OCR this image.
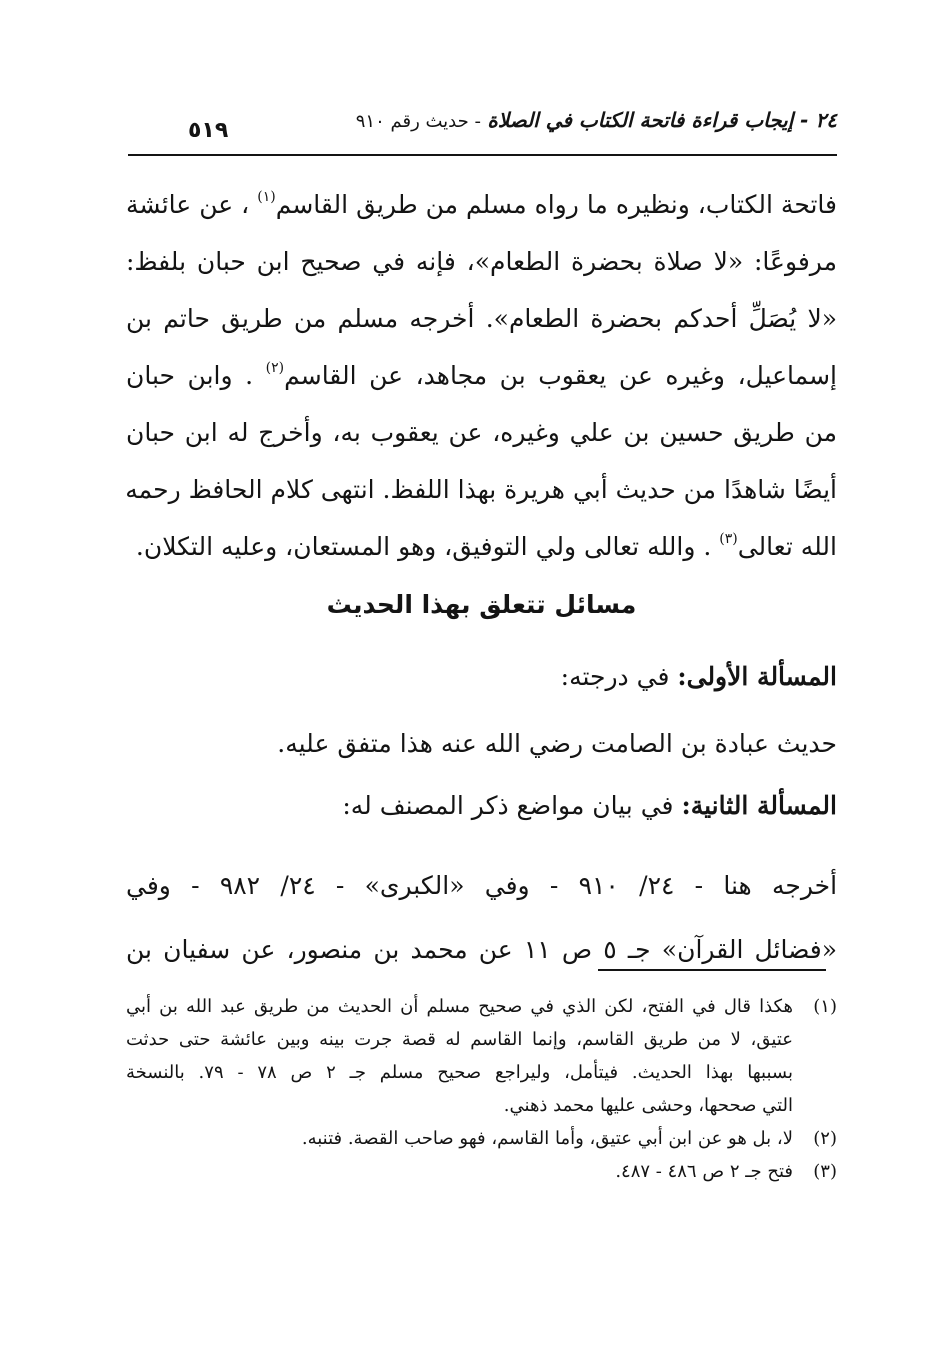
٢٤ - إيجاب قراءة فاتحة الكتاب في الصلاة - حديث رقم ٩١٠
٥١٩
فاتحة الكتاب، ونظيره ما رواه مسلم من طريق القاسم$^{(١)}$ ، عن عائشة
مرفوعًا: «لا صلاة بحضرة الطعام»، فإنه في صحيح ابن حبان بلفظ:
«لا يُصَلِّ أحدكم بحضرة الطعام». أخرجه مسلم من طريق حاتم بن
إسماعيل، وغيره عن يعقوب بن مجاهد، عن القاسم$^{(٢)}$ . وابن حبان
من طريق حسين بن علي وغيره، عن يعقوب به، وأخرج له ابن حبان
أيضًا شاهدًا من حديث أبي هريرة بهذا اللفظ. انتهى كلام الحافظ رحمه
الله تعالى$^{(٣)}$ . والله تعالى ولي التوفيق، وهو المستعان، وعليه التكلان.
مسائل تتعلق بهذا الحديث
المسألة الأولى: في درجته:
حديث عبادة بن الصامت رضي الله عنه هذا متفق عليه.
المسألة الثانية: في بيان مواضع ذكر المصنف له:
أخرجه هنا - ٢٤/ ٩١٠ - وفي «الكبرى» - ٢٤/ ٩٨٢ - وفي
«فضائل القرآن» جـ ٥ ص ١١ عن محمد بن منصور، عن سفيان بن
(١)
هكذا قال في الفتح، لكن الذي في صحيح مسلم أن الحديث من طريق عبد الله بن أبي
عتيق، لا من طريق القاسم، وإنما القاسم له قصة جرت بينه وبين عائشة حتى حدثت
بسببها بهذا الحديث. فيتأمل، وليراجع صحيح مسلم جـ ٢ ص ٧٨ - ٧٩. بالنسخة
التي صححها، وحشى عليها محمد ذهني.
(٢)
لا، بل هو عن ابن أبي عتيق، وأما القاسم، فهو صاحب القصة. فتنبه.
(٣)
فتح جـ ٢ ص ٤٨٦ - ٤٨٧.
